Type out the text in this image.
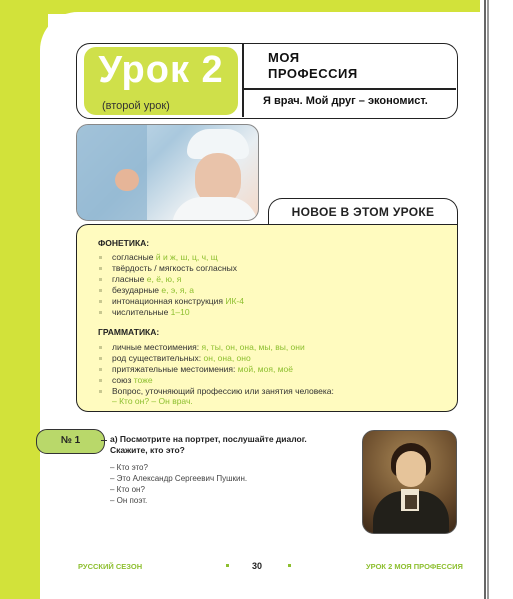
Урок 2
(второй урок)
МОЯ
ПРОФЕССИЯ
Я врач. Мой друг – экономист.
НОВОЕ В ЭТОМ УРОКЕ
ФОНЕТИКА:
согласные й и ж, ш, ц, ч, щ
твёрдость / мягкость согласных
гласные е, ё, ю, я
безударные е, э, я, а
интонационная конструкция ИК-4
числительные 1–10
ГРАММАТИКА:
личные местоимения: я, ты, он, она, мы, вы, они
род существительных: он, она, оно
притяжательные местоимения: мой, моя, моё
союз тоже
Вопрос, уточняющий профессию или занятия человека:
– Кто он? – Он врач.
№ 1	а) Посмотрите на портрет, послушайте диалог.
Скажите, кто это?
– Кто это?
– Это Александр Сергеевич Пушкин.
– Кто он?
– Он поэт.
РУССКИЙ СЕЗОН	30	УРОК 2 МОЯ ПРОФЕССИЯ
